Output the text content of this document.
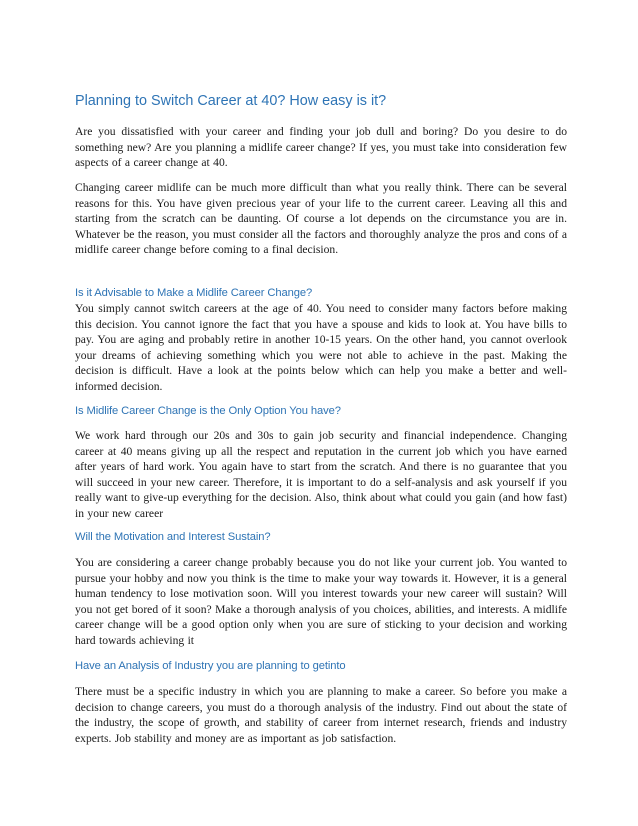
Planning to Switch Career at 40? How easy is it?
Are you dissatisfied with your career and finding your job dull and boring? Do you desire to do something new? Are you planning a midlife career change? If yes, you must take into consideration few aspects of a career change at 40.
Changing career midlife can be much more difficult than what you really think. There can be several reasons for this. You have given precious year of your life to the current career. Leaving all this and starting from the scratch can be daunting. Of course a lot depends on the circumstance you are in. Whatever be the reason, you must consider all the factors and thoroughly analyze the pros and cons of a midlife career change before coming to a final decision.
Is it Advisable to Make a Midlife Career Change?
You simply cannot switch careers at the age of 40. You need to consider many factors before making this decision. You cannot ignore the fact that you have a spouse and kids to look at. You have bills to pay. You are aging and probably retire in another 10-15 years. On the other hand, you cannot overlook your dreams of achieving something which you were not able to achieve in the past. Making the decision is difficult. Have a look at the points below which can help you make a better and well-informed decision.
Is Midlife Career Change is the Only Option You have?
We work hard through our 20s and 30s to gain job security and financial independence. Changing career at 40 means giving up all the respect and reputation in the current job which you have earned after years of hard work. You again have to start from the scratch. And there is no guarantee that you will succeed in your new career. Therefore, it is important to do a self-analysis and ask yourself if you really want to give-up everything for the decision. Also, think about what could you gain (and how fast) in your new career
Will the Motivation and Interest Sustain?
You are considering a career change probably because you do not like your current job. You wanted to pursue your hobby and now you think is the time to make your way towards it. However, it is a general human tendency to lose motivation soon. Will you interest towards your new career will sustain? Will you not get bored of it soon? Make a thorough analysis of you choices, abilities, and interests. A midlife career change will be a good option only when you are sure of sticking to your decision and working hard towards achieving it
Have an Analysis of Industry you are planning to getinto
There must be a specific industry in which you are planning to make a career. So before you make a decision to change careers, you must do a thorough analysis of the industry. Find out about the state of the industry, the scope of growth, and stability of career from internet research, friends and industry experts. Job stability and money are as important as job satisfaction.
